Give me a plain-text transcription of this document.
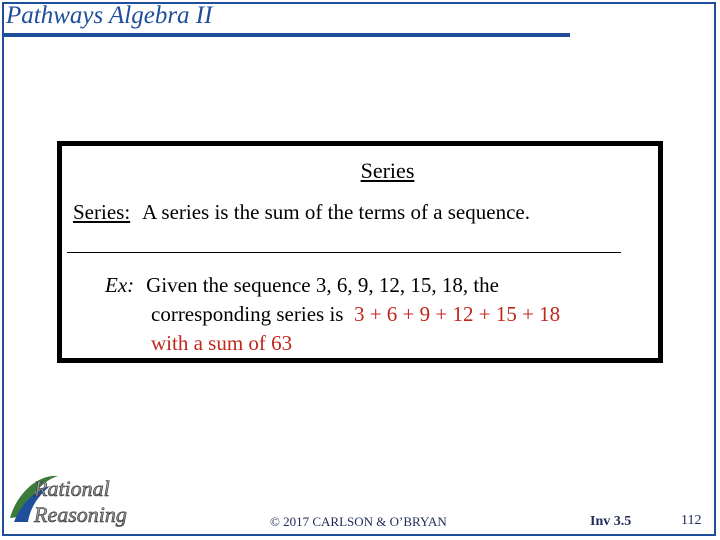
Pathways Algebra II
Series
Series: A series is the sum of the terms of a sequence.
Ex: Given the sequence 3, 6, 9, 12, 15, 18, the
corresponding series is 3 + 6 + 9 + 12 + 15 + 18
with a sum of 63
Rational
Reasoning	© 2017 CARLSON & O’BRYAN	Inv 3.5	112
